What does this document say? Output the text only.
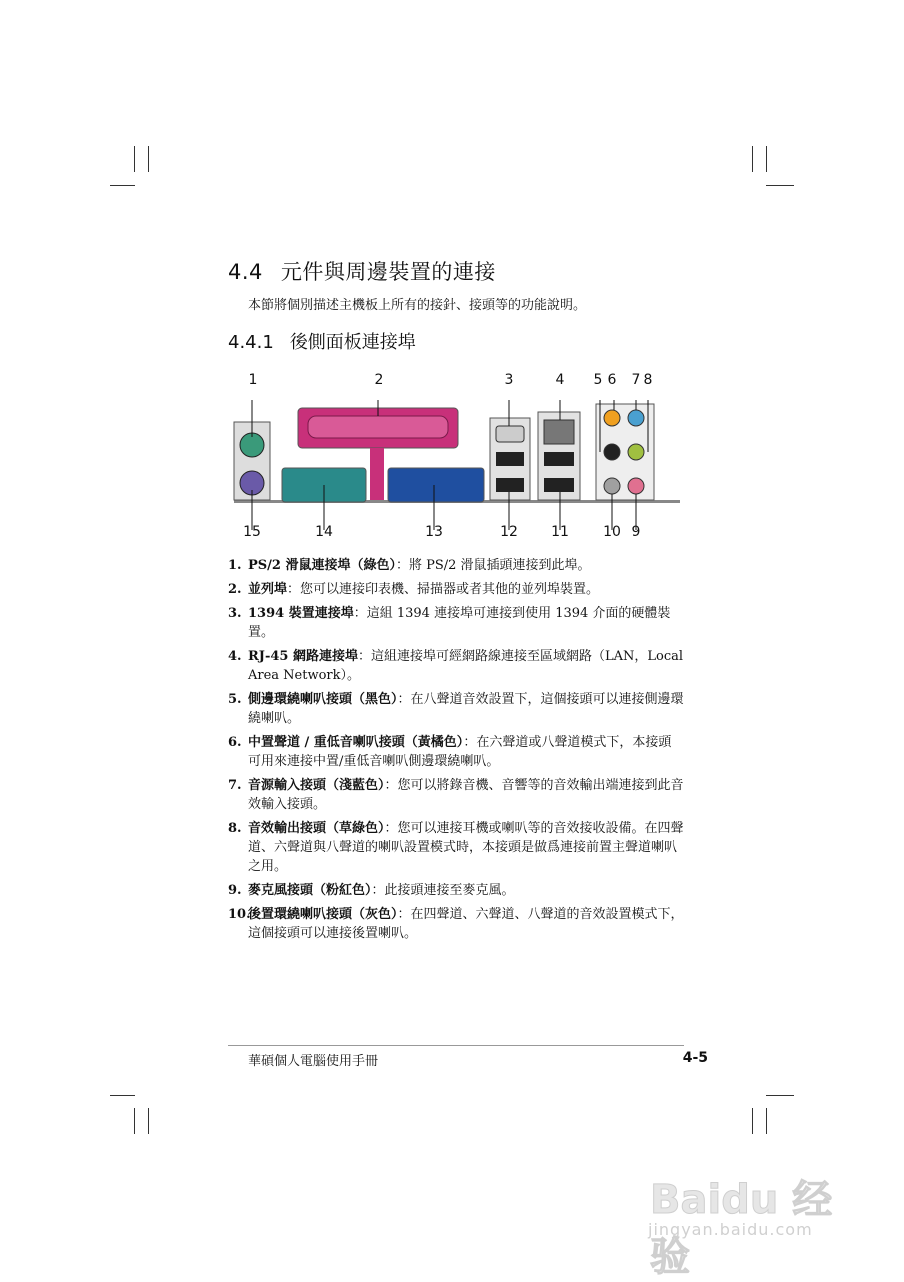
4.4 元件與周邊裝置的連接
本節將個別描述主機板上所有的接針、接頭等的功能說明。
4.4.1 後側面板連接埠
1	2	3	4	5 6	7 8
15	14	13	12 11 10 9
1. PS/2 滑鼠連接埠（綠色）：將 PS/2 滑鼠插頭連接到此埠。
2. 並列埠：您可以連接印表機、掃描器或者其他的並列埠裝置。
3. 1394 裝置連接埠：這組 1394 連接埠可連接到使用 1394 介面的硬體裝置。
4. RJ-45 網路連接埠：這組連接埠可經網路線連接至區域網路（LAN，Local Area Network）。
5. 側邊環繞喇叭接頭（黑色）：在八聲道音效設置下，這個接頭可以連接側邊環繞喇叭。
6. 中置聲道 / 重低音喇叭接頭（黃橘色）：在六聲道或八聲道模式下，本接頭可用來連接中置/重低音喇叭側邊環繞喇叭。
7. 音源輸入接頭（淺藍色）：您可以將錄音機、音響等的音效輸出端連接到此音效輸入接頭。
8. 音效輸出接頭（草綠色）：您可以連接耳機或喇叭等的音效接收設備。在四聲道、六聲道與八聲道的喇叭設置模式時，本接頭是做爲連接前置主聲道喇叭之用。
9. 麥克風接頭（粉紅色）：此接頭連接至麥克風。
10.
後置環繞喇叭接頭（灰色）：在四聲道、六聲道、八聲道的音效設置模式下，這個接頭可以連接後置喇叭。
華碩個人電腦使用手冊	4-5
Baidu 经验
jingyan.baidu.com
